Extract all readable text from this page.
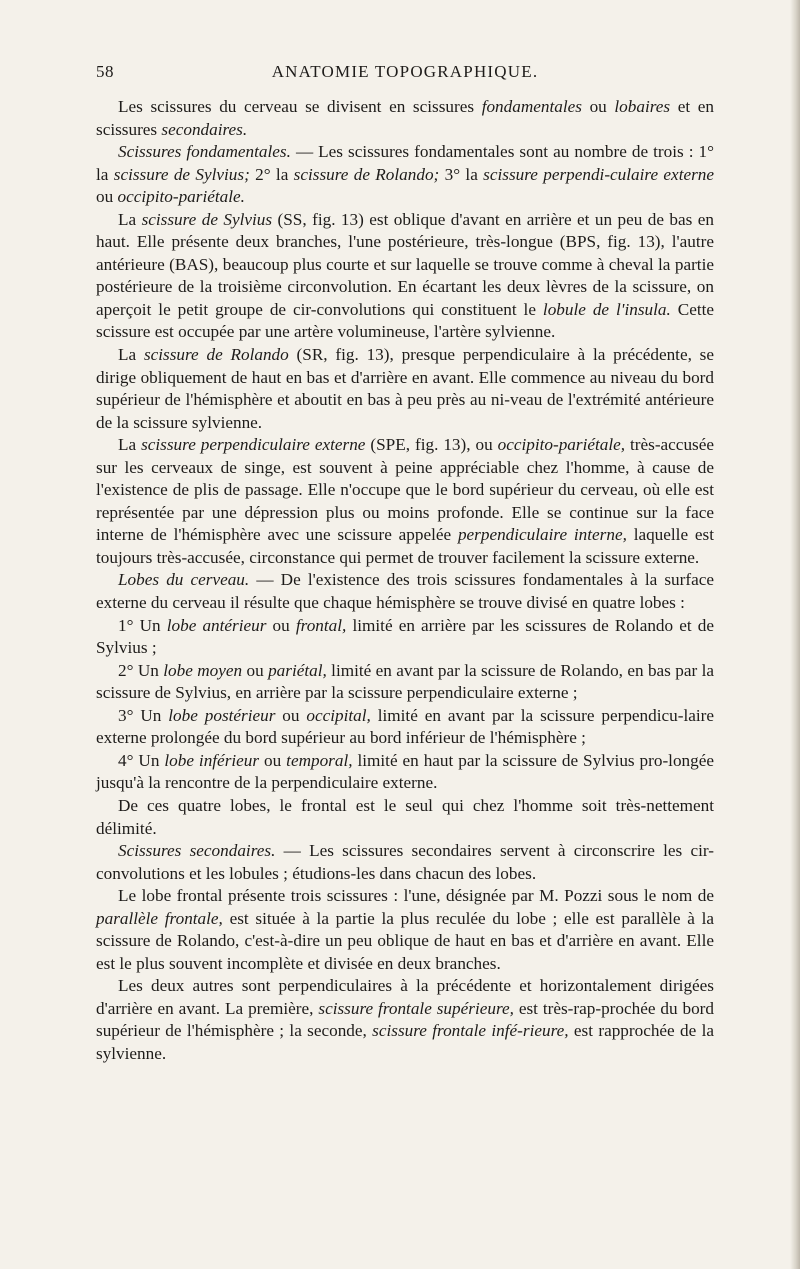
58	ANATOMIE TOPOGRAPHIQUE.

Les scissures du cerveau se divisent en scissures fondamentales ou lobaires et en scissures secondaires.

Scissures fondamentales. — Les scissures fondamentales sont au nombre de trois : 1° la scissure de Sylvius; 2° la scissure de Rolando; 3° la scissure perpendi-culaire externe ou occipito-pariétale.

La scissure de Sylvius (SS, fig. 13) est oblique d'avant en arrière et un peu de bas en haut. Elle présente deux branches, l'une postérieure, très-longue (BPS, fig. 13), l'autre antérieure (BAS), beaucoup plus courte et sur laquelle se trouve comme à cheval la partie postérieure de la troisième circonvolution. En écartant les deux lèvres de la scissure, on aperçoit le petit groupe de cir-convolutions qui constituent le lobule de l'insula. Cette scissure est occupée par une artère volumineuse, l'artère sylvienne.

La scissure de Rolando (SR, fig. 13), presque perpendiculaire à la précédente, se dirige obliquement de haut en bas et d'arrière en avant. Elle commence au niveau du bord supérieur de l'hémisphère et aboutit en bas à peu près au ni-veau de l'extrémité antérieure de la scissure sylvienne.

La scissure perpendiculaire externe (SPE, fig. 13), ou occipito-pariétale, très-accusée sur les cerveaux de singe, est souvent à peine appréciable chez l'homme, à cause de l'existence de plis de passage. Elle n'occupe que le bord supérieur du cerveau, où elle est représentée par une dépression plus ou moins profonde. Elle se continue sur la face interne de l'hémisphère avec une scissure appelée perpendiculaire interne, laquelle est toujours très-accusée, circonstance qui permet de trouver facilement la scissure externe.

Lobes du cerveau. — De l'existence des trois scissures fondamentales à la surface externe du cerveau il résulte que chaque hémisphère se trouve divisé en quatre lobes :

1° Un lobe antérieur ou frontal, limité en arrière par les scissures de Rolando et de Sylvius ;

2° Un lobe moyen ou pariétal, limité en avant par la scissure de Rolando, en bas par la scissure de Sylvius, en arrière par la scissure perpendiculaire externe ;

3° Un lobe postérieur ou occipital, limité en avant par la scissure perpendicu-laire externe prolongée du bord supérieur au bord inférieur de l'hémisphère ;

4° Un lobe inférieur ou temporal, limité en haut par la scissure de Sylvius pro-longée jusqu'à la rencontre de la perpendiculaire externe.

De ces quatre lobes, le frontal est le seul qui chez l'homme soit très-nettement délimité.

Scissures secondaires. — Les scissures secondaires servent à circonscrire les cir-convolutions et les lobules ; étudions-les dans chacun des lobes.

Le lobe frontal présente trois scissures : l'une, désignée par M. Pozzi sous le nom de parallèle frontale, est située à la partie la plus reculée du lobe ; elle est parallèle à la scissure de Rolando, c'est-à-dire un peu oblique de haut en bas et d'arrière en avant. Elle est le plus souvent incomplète et divisée en deux branches.

Les deux autres sont perpendiculaires à la précédente et horizontalement dirigées d'arrière en avant. La première, scissure frontale supérieure, est très-rap-prochée du bord supérieur de l'hémisphère ; la seconde, scissure frontale infé-rieure, est rapprochée de la sylvienne.
